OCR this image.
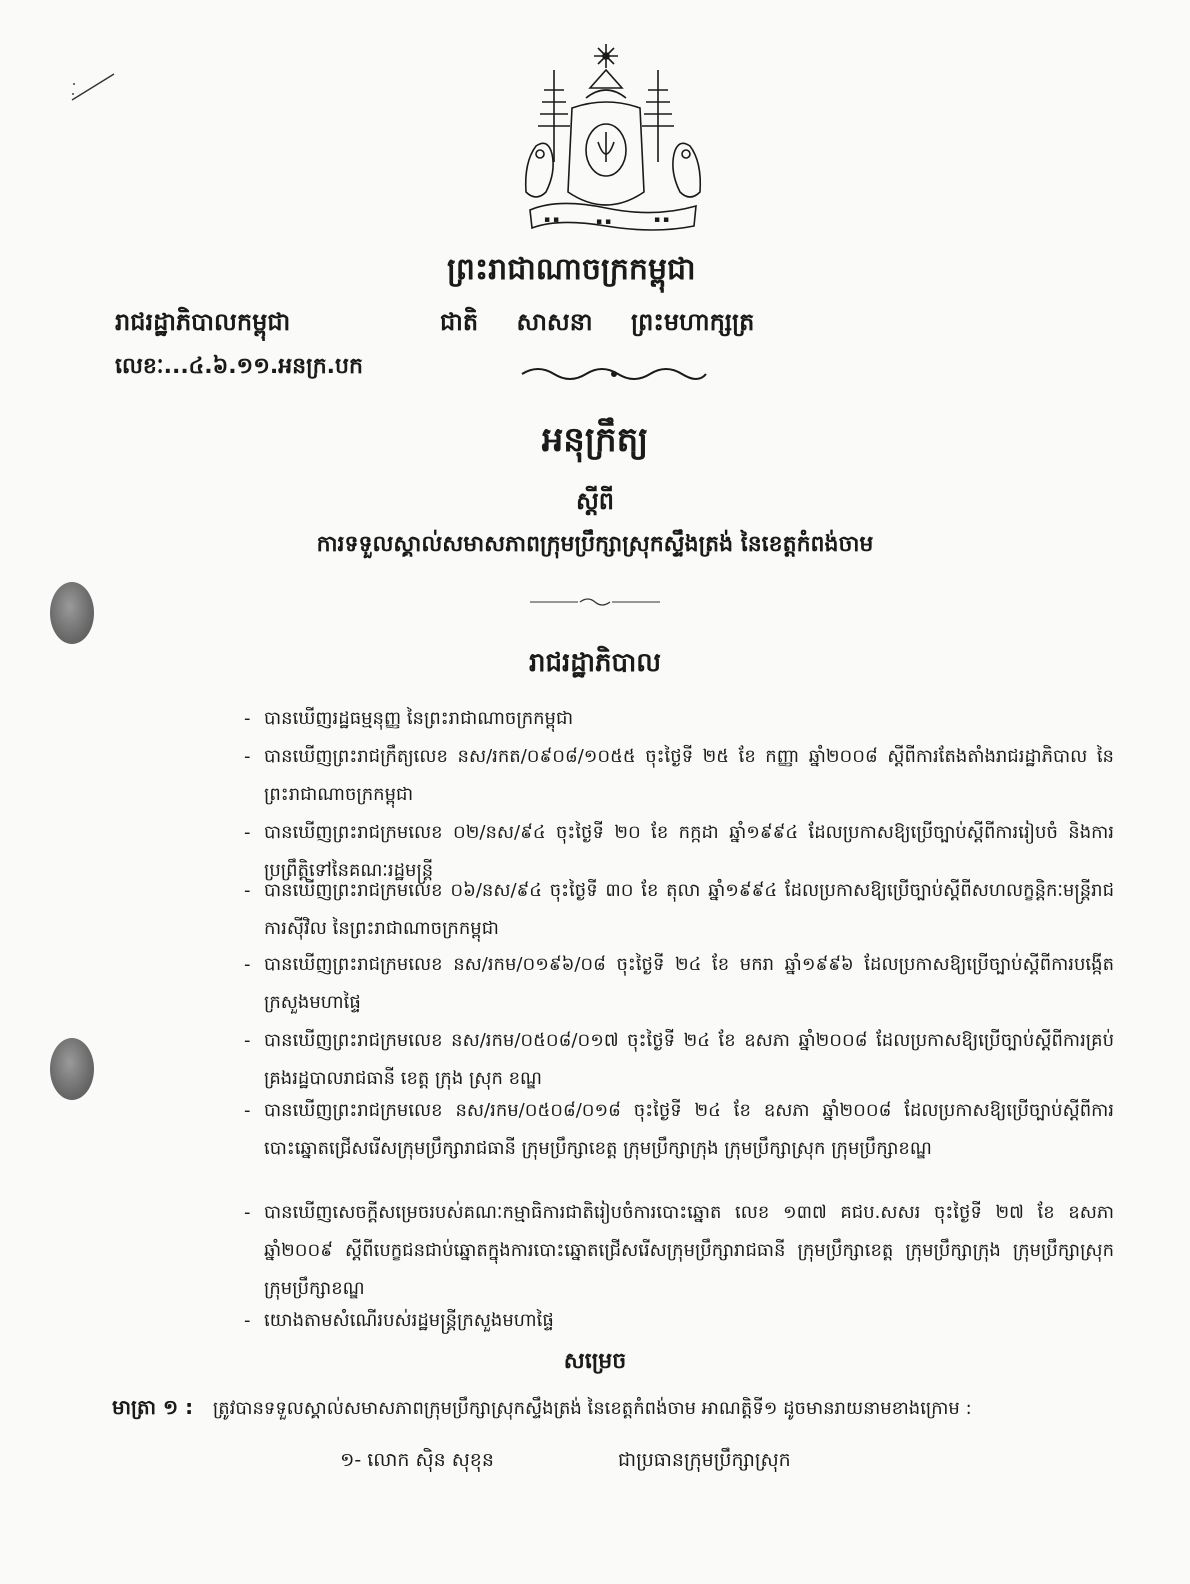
▪ ▪	▪ ▪	▪ ▪
ព្រះរាជាណាចក្រកម្ពុជា
រាជរដ្ឋាភិបាលកម្ពុជា	ជាតិ សាសនា ព្រះមហាក្សត្រ
លេខៈ...៤.៦.១១.អនក្រ.បក
អនុក្រឹត្យ
ស្តីពី
ការទទួលស្គាល់សមាសភាពក្រុមប្រឹក្សាស្រុកស្ទឹងត្រង់ នៃខេត្តកំពង់ចាម
រាជរដ្ឋាភិបាល
- បានឃើញរដ្ឋធម្មនុញ្ញ នៃព្រះរាជាណាចក្រកម្ពុជា
- បានឃើញព្រះរាជក្រឹត្យលេខ នស/រកត/០៩០៨/១០៥៥ ចុះថ្ងៃទី ២៥ ខែ កញ្ញា ឆ្នាំ២០០៨ ស្តីពីការតែងតាំងរាជរដ្ឋាភិបាល នៃព្រះរាជាណាចក្រកម្ពុជា
- បានឃើញព្រះរាជក្រមលេខ ០២/នស/៩៤ ចុះថ្ងៃទី ២០ ខែ កក្កដា ឆ្នាំ១៩៩៤ ដែលប្រកាសឱ្យប្រើច្បាប់ស្តីពីការរៀបចំ និងការប្រព្រឹត្តិទៅនៃគណៈរដ្ឋមន្ត្រី
- បានឃើញព្រះរាជក្រមលេខ ០៦/នស/៩៤ ចុះថ្ងៃទី ៣០ ខែ តុលា ឆ្នាំ១៩៩៤ ដែលប្រកាសឱ្យប្រើច្បាប់ស្តីពីសហលក្ខន្តិកៈមន្ត្រីរាជការស៊ីវិល នៃព្រះរាជាណាចក្រកម្ពុជា
- បានឃើញព្រះរាជក្រមលេខ នស/រកម/០១៩៦/០៨ ចុះថ្ងៃទី ២៤ ខែ មករា ឆ្នាំ១៩៩៦ ដែលប្រកាសឱ្យប្រើច្បាប់ស្តីពីការបង្កើតក្រសួងមហាផ្ទៃ
- បានឃើញព្រះរាជក្រមលេខ នស/រកម/០៥០៨/០១៧ ចុះថ្ងៃទី ២៤ ខែ ឧសភា ឆ្នាំ២០០៨ ដែលប្រកាសឱ្យប្រើច្បាប់ស្តីពីការគ្រប់គ្រងរដ្ឋបាលរាជធានី ខេត្ត ក្រុង ស្រុក ខណ្ឌ
- បានឃើញព្រះរាជក្រមលេខ នស/រកម/០៥០៨/០១៨ ចុះថ្ងៃទី ២៤ ខែ ឧសភា ឆ្នាំ២០០៨ ដែលប្រកាសឱ្យប្រើច្បាប់ស្តីពីការបោះឆ្នោតជ្រើសរើសក្រុមប្រឹក្សារាជធានី ក្រុមប្រឹក្សាខេត្ត ក្រុមប្រឹក្សាក្រុង ក្រុមប្រឹក្សាស្រុក ក្រុមប្រឹក្សាខណ្ឌ
- បានឃើញសេចក្តីសម្រេចរបស់គណៈកម្មាធិការជាតិរៀបចំការបោះឆ្នោត លេខ ១៣៧ គជប.សសរ ចុះថ្ងៃទី ២៧ ខែ ឧសភា ឆ្នាំ២០០៩ ស្តីពីបេក្ខជនជាប់ឆ្នោតក្នុងការបោះឆ្នោតជ្រើសរើសក្រុមប្រឹក្សារាជធានី ក្រុមប្រឹក្សាខេត្ត ក្រុមប្រឹក្សាក្រុង ក្រុមប្រឹក្សាស្រុក ក្រុមប្រឹក្សាខណ្ឌ
- យោងតាមសំណើរបស់រដ្ឋមន្ត្រីក្រសួងមហាផ្ទៃ
សម្រេច
មាត្រា ១ : ត្រូវបានទទួលស្គាល់សមាសភាពក្រុមប្រឹក្សាស្រុកស្ទឹងត្រង់ នៃខេត្តកំពង់ចាម អាណត្តិទី១ ដូចមានរាយនាមខាងក្រោម :
១- លោក ស៊ិន សុខុន	ជាប្រធានក្រុមប្រឹក្សាស្រុក
